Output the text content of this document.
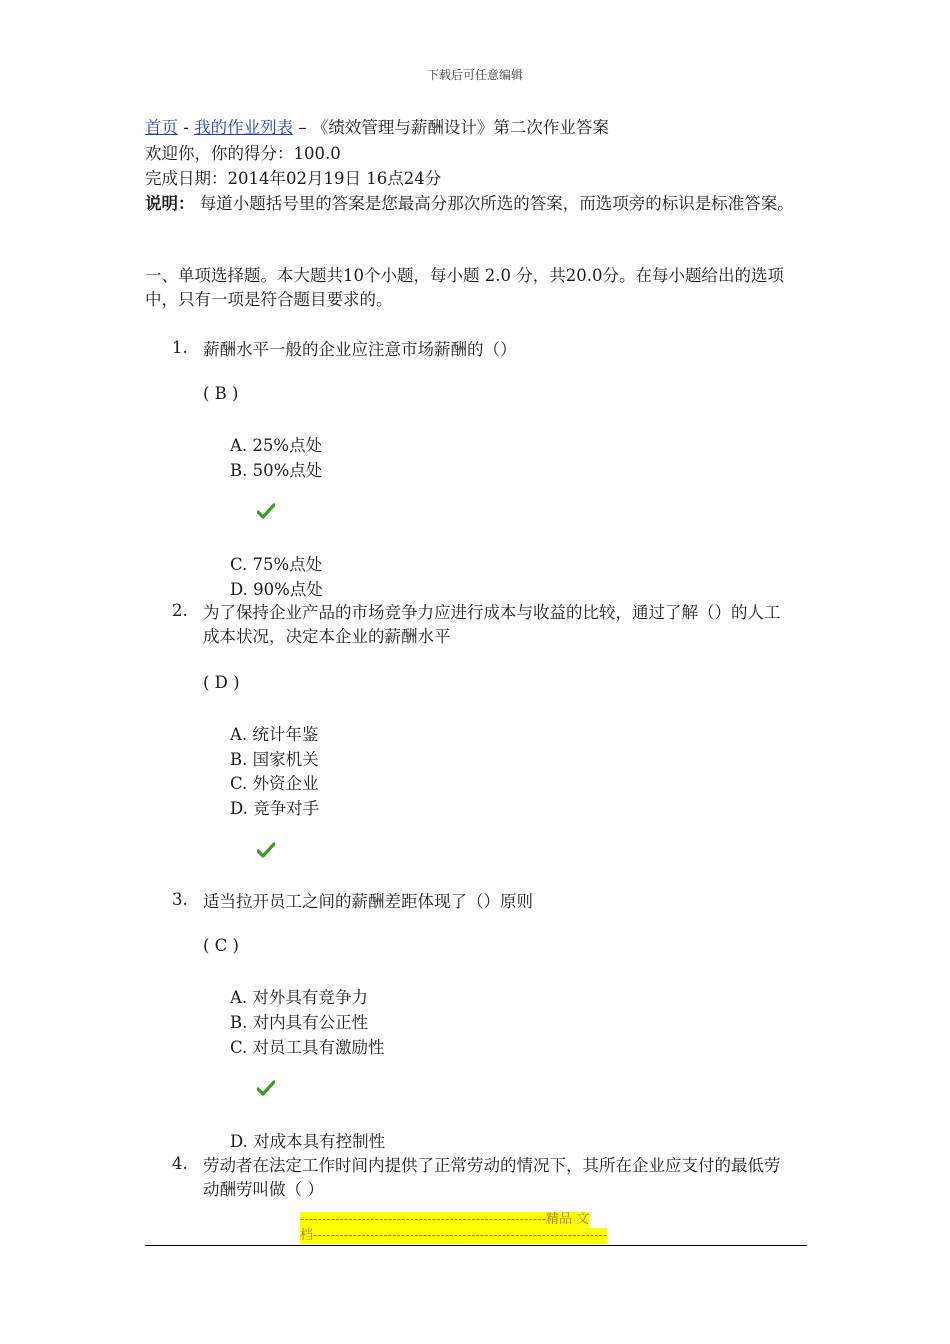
下载后可任意编辑
首页 - 我的作业列表 – 《绩效管理与薪酬设计》第二次作业答案
欢迎你，你的得分：100.0
完成日期：2014年02月19日 16点24分
说明： 每道小题括号里的答案是您最高分那次所选的答案，而选项旁的标识是标准答案。
一、单项选择题。本大题共10个小题，每小题 2.0 分，共20.0分。在每小题给出的选项中，只有一项是符合题目要求的。
1. 薪酬水平一般的企业应注意市场薪酬的（）
( B )
A. 25%点处
B. 50%点处
C. 75%点处
D. 90%点处
2. 为了保持企业产品的市场竞争力应进行成本与收益的比较，通过了解（）的人工成本状况，决定本企业的薪酬水平
( D )
A. 统计年鉴
B. 国家机关
C. 外资企业
D. 竞争对手
3. 适当拉开员工之间的薪酬差距体现了（）原则
( C )
A. 对外具有竞争力
B. 对内具有公正性
C. 对员工具有激励性
D. 对成本具有控制性
4. 劳动者在法定工作时间内提供了正常劳动的情况下，其所在企业应支付的最低劳动酬劳叫做（ ）
--------------------------------------------------------精品 文
档-------------------------------------------------------------------
